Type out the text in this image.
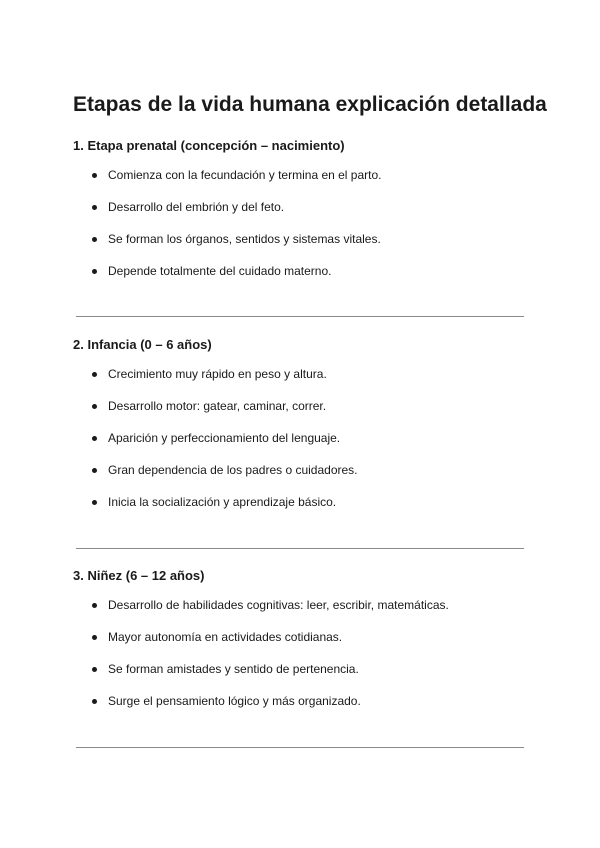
Etapas de la vida humana explicación detallada
1. Etapa prenatal (concepción – nacimiento)
Comienza con la fecundación y termina en el parto.
Desarrollo del embrión y del feto.
Se forman los órganos, sentidos y sistemas vitales.
Depende totalmente del cuidado materno.
2. Infancia (0 – 6 años)
Crecimiento muy rápido en peso y altura.
Desarrollo motor: gatear, caminar, correr.
Aparición y perfeccionamiento del lenguaje.
Gran dependencia de los padres o cuidadores.
Inicia la socialización y aprendizaje básico.
3. Niñez (6 – 12 años)
Desarrollo de habilidades cognitivas: leer, escribir, matemáticas.
Mayor autonomía en actividades cotidianas.
Se forman amistades y sentido de pertenencia.
Surge el pensamiento lógico y más organizado.
